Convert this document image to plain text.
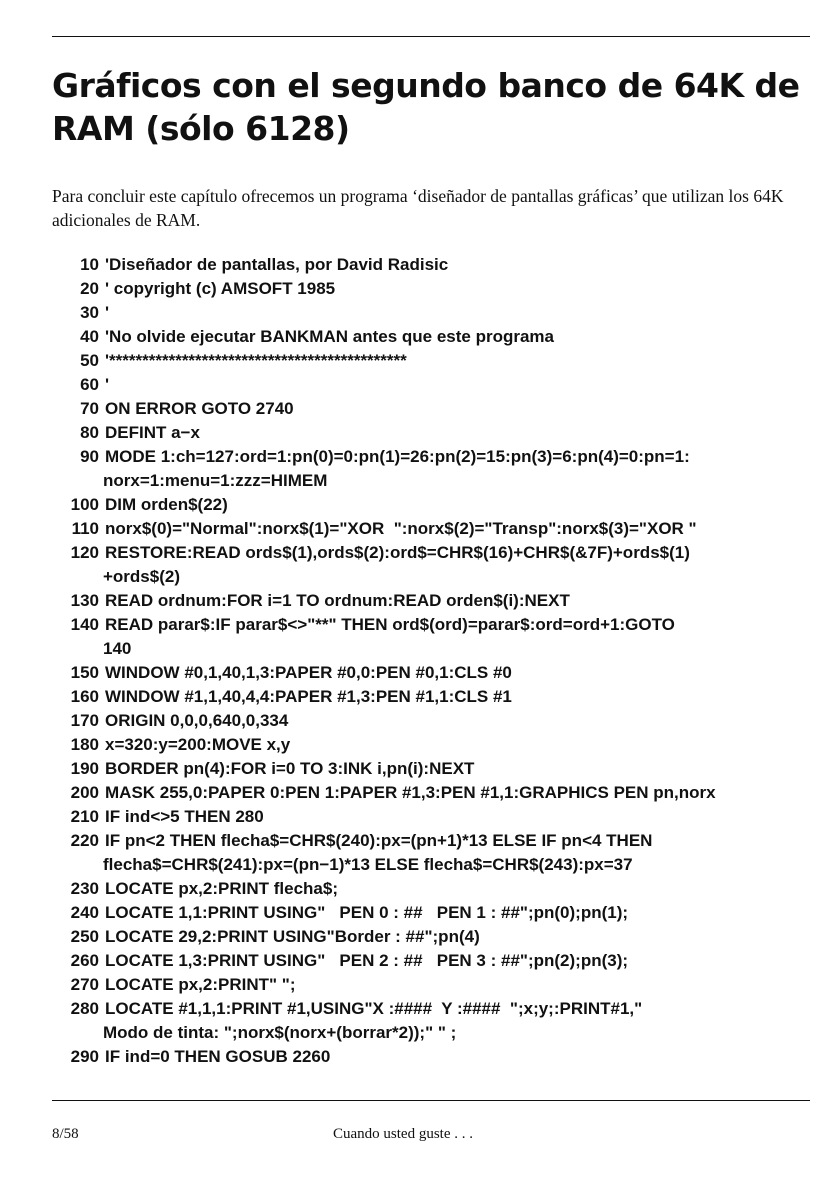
Gráficos con el segundo banco de 64K de
RAM (sólo 6128)

Para concluir este capítulo ofrecemos un programa ‘diseñador de pantallas gráficas’ que utilizan los 64K adicionales de RAM.

10 'Diseñador de pantallas, por David Radisic
20 ' copyright (c) AMSOFT 1985
30 '
40 'No olvide ejecutar BANKMAN antes que este programa
50 '*********************************************
60 '
70 ON ERROR GOTO 2740
80 DEFINT a−x
90 MODE 1:ch=127:ord=1:pn(0)=0:pn(1)=26:pn(2)=15:pn(3)=6:pn(4)=0:pn=1:
norx=1:menu=1:zzz=HIMEM
100 DIM orden$(22)
110 norx$(0)="Normal":norx$(1)="XOR  ":norx$(2)="Transp":norx$(3)="XOR "
120 RESTORE:READ ords$(1),ords$(2):ord$=CHR$(16)+CHR$(&7F)+ords$(1)
+ords$(2)
130 READ ordnum:FOR i=1 TO ordnum:READ orden$(i):NEXT
140 READ parar$:IF parar$<>"**" THEN ord$(ord)=parar$:ord=ord+1:GOTO
140
150 WINDOW #0,1,40,1,3:PAPER #0,0:PEN #0,1:CLS #0
160 WINDOW #1,1,40,4,4:PAPER #1,3:PEN #1,1:CLS #1
170 ORIGIN 0,0,0,640,0,334
180 x=320:y=200:MOVE x,y
190 BORDER pn(4):FOR i=0 TO 3:INK i,pn(i):NEXT
200 MASK 255,0:PAPER 0:PEN 1:PAPER #1,3:PEN #1,1:GRAPHICS PEN pn,norx
210 IF ind<>5 THEN 280
220 IF pn<2 THEN flecha$=CHR$(240):px=(pn+1)*13 ELSE IF pn<4 THEN
flecha$=CHR$(241):px=(pn−1)*13 ELSE flecha$=CHR$(243):px=37
230 LOCATE px,2:PRINT flecha$;
240 LOCATE 1,1:PRINT USING"   PEN 0 : ##   PEN 1 : ##";pn(0);pn(1);
250 LOCATE 29,2:PRINT USING"Border : ##";pn(4)
260 LOCATE 1,3:PRINT USING"   PEN 2 : ##   PEN 3 : ##";pn(2);pn(3);
270 LOCATE px,2:PRINT" ";
280 LOCATE #1,1,1:PRINT #1,USING"X :####  Y :####  ";x;y;:PRINT#1,"
Modo de tinta: ";norx$(norx+(borrar*2));" " ;
290 IF ind=0 THEN GOSUB 2260
8/58	Cuando usted guste . . .
